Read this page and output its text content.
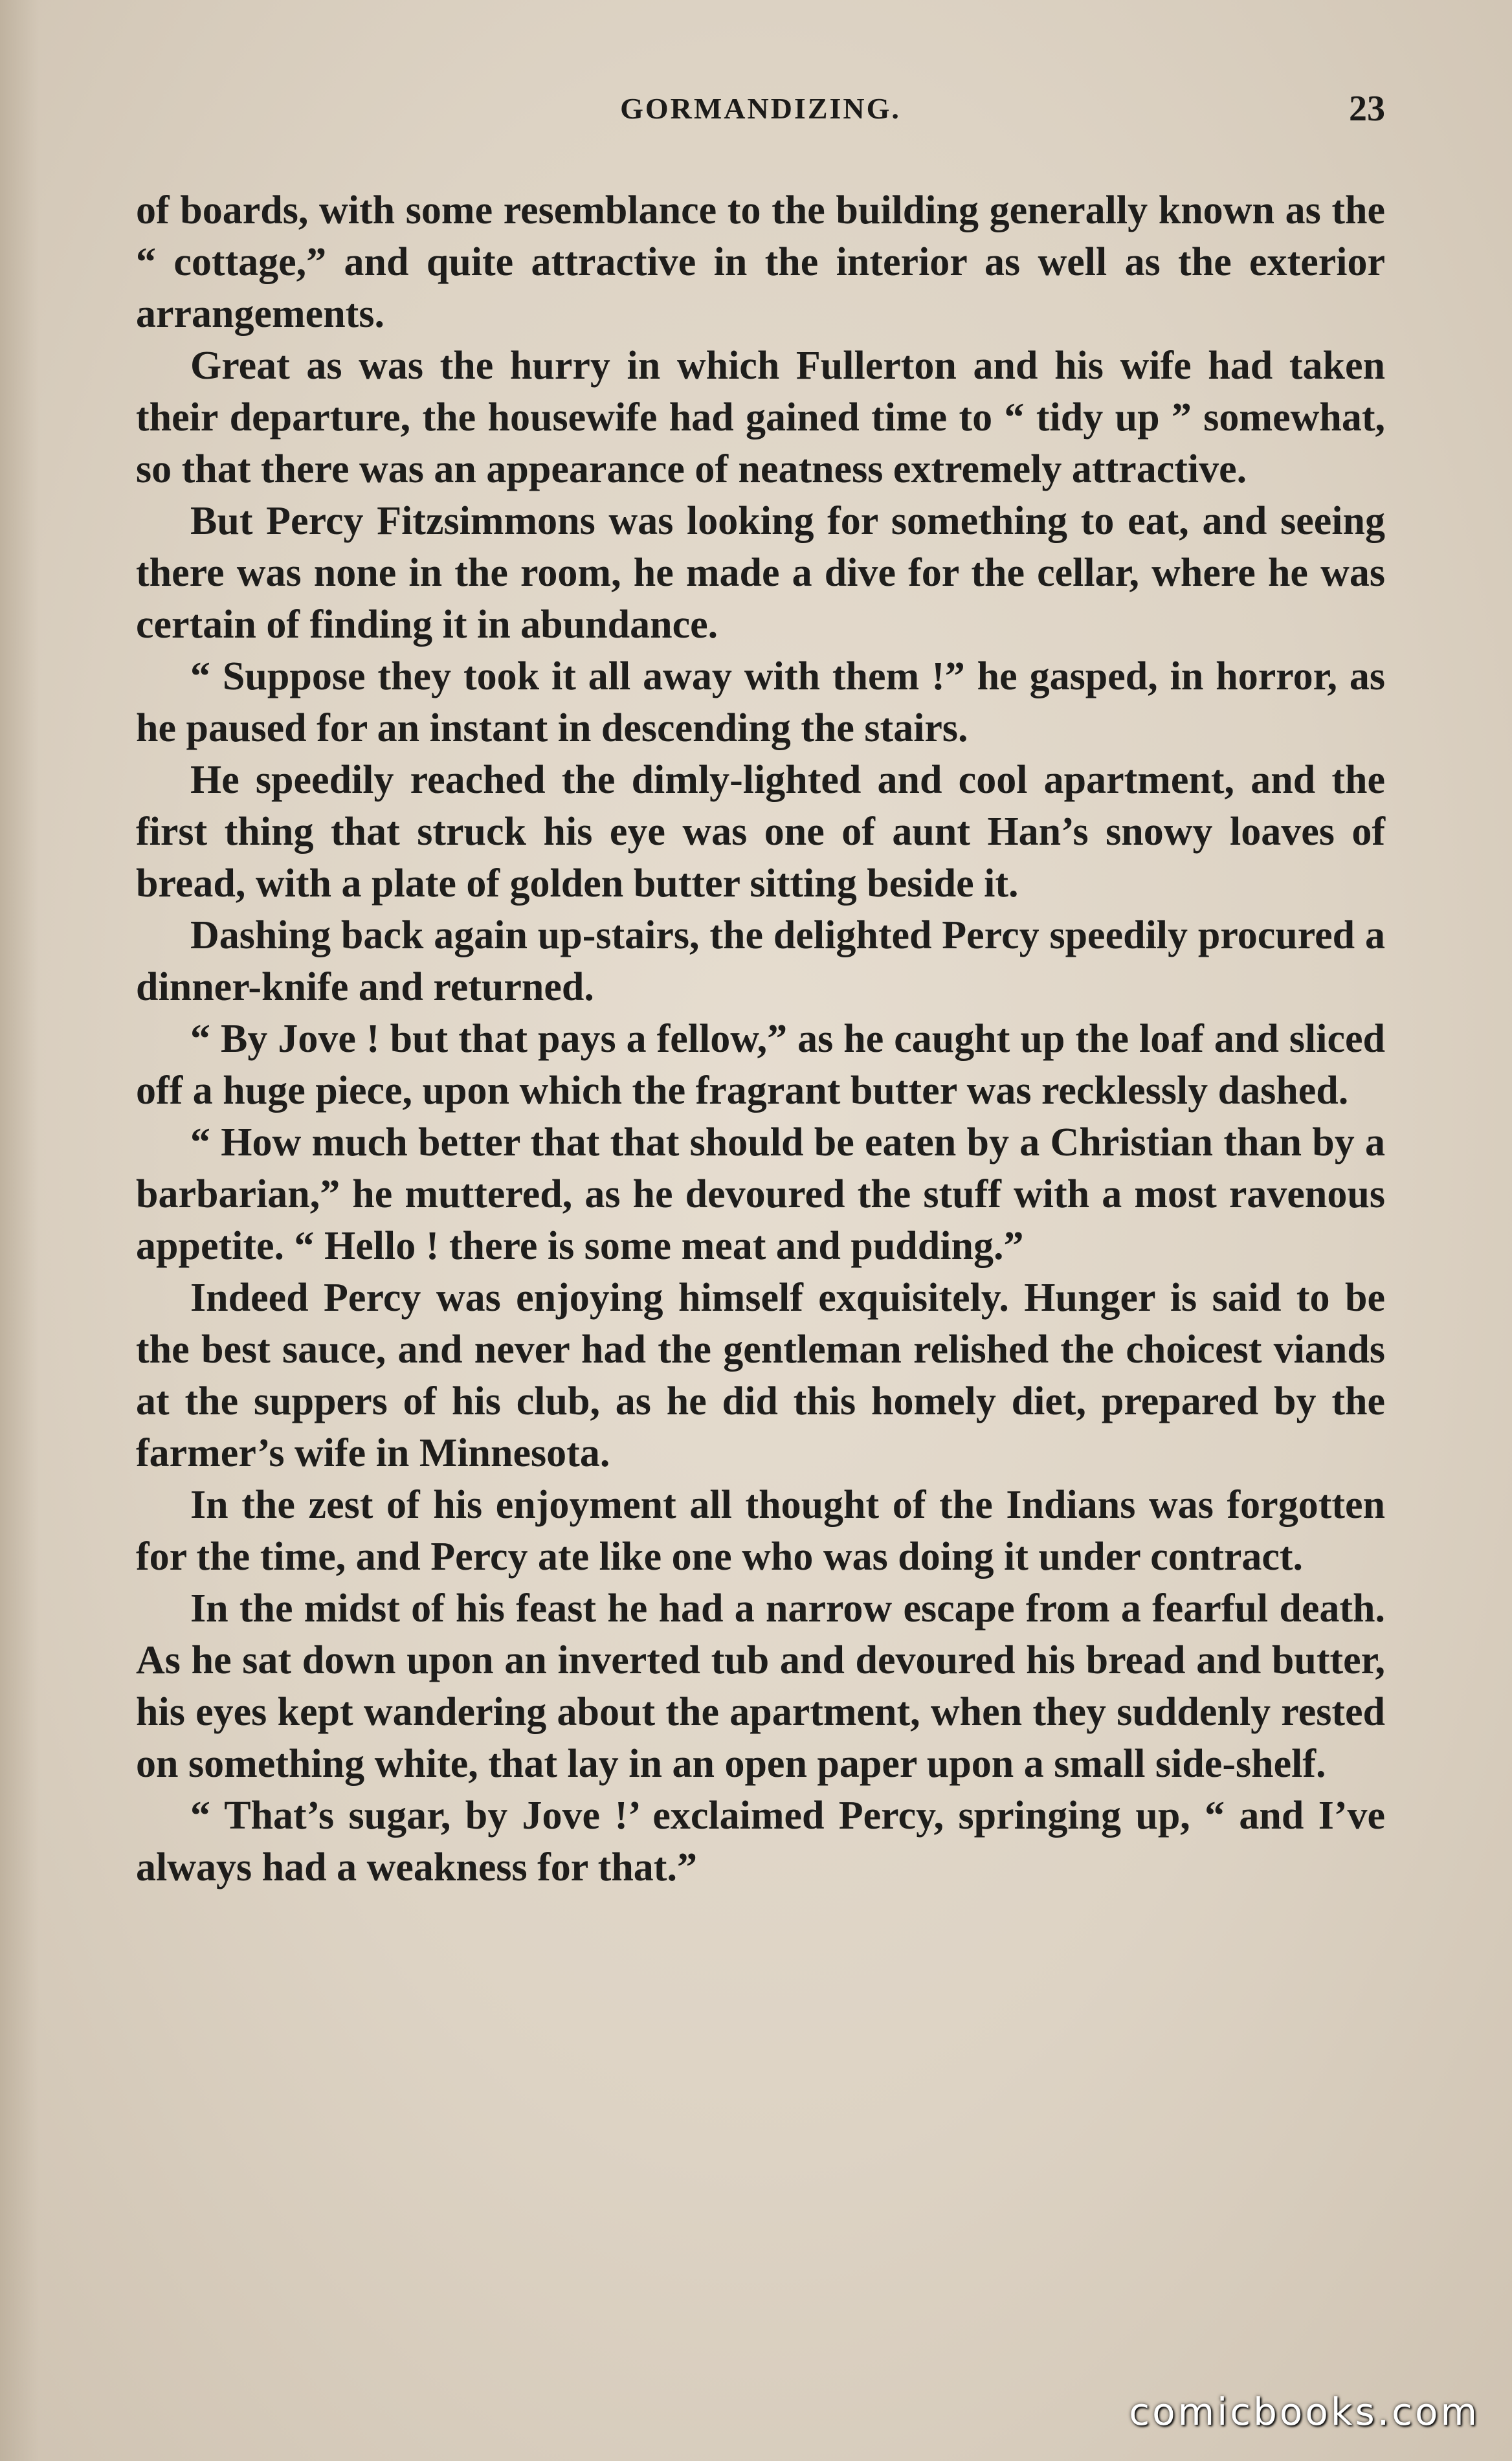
GORMANDIZING.	23

of boards, with some resemblance to the building generally known as the “ cottage,” and quite attractive in the interior as well as the exterior arrangements.

Great as was the hurry in which Fullerton and his wife had taken their departure, the housewife had gained time to “ tidy up ” somewhat, so that there was an appearance of neatness extremely attractive.

But Percy Fitzsimmons was looking for something to eat, and seeing there was none in the room, he made a dive for the cellar, where he was certain of finding it in abundance.

“ Suppose they took it all away with them !” he gasped, in horror, as he paused for an instant in descending the stairs.

He speedily reached the dimly-lighted and cool apartment, and the first thing that struck his eye was one of aunt Han’s snowy loaves of bread, with a plate of golden butter sitting beside it.

Dashing back again up-stairs, the delighted Percy speedily procured a dinner-knife and returned.

“ By Jove ! but that pays a fellow,” as he caught up the loaf and sliced off a huge piece, upon which the fragrant butter was recklessly dashed.

“ How much better that that should be eaten by a Christian than by a barbarian,” he muttered, as he devoured the stuff with a most ravenous appetite. “ Hello ! there is some meat and pudding.”

Indeed Percy was enjoying himself exquisitely. Hunger is said to be the best sauce, and never had the gentleman relished the choicest viands at the suppers of his club, as he did this homely diet, prepared by the farmer’s wife in Minnesota.

In the zest of his enjoyment all thought of the Indians was forgotten for the time, and Percy ate like one who was doing it under contract.

In the midst of his feast he had a narrow escape from a fearful death. As he sat down upon an inverted tub and devoured his bread and butter, his eyes kept wandering about the apartment, when they suddenly rested on something white, that lay in an open paper upon a small side-shelf.

“ That’s sugar, by Jove !’ exclaimed Percy, springing up, “ and I’ve always had a weakness for that.”

comicbooks.com
